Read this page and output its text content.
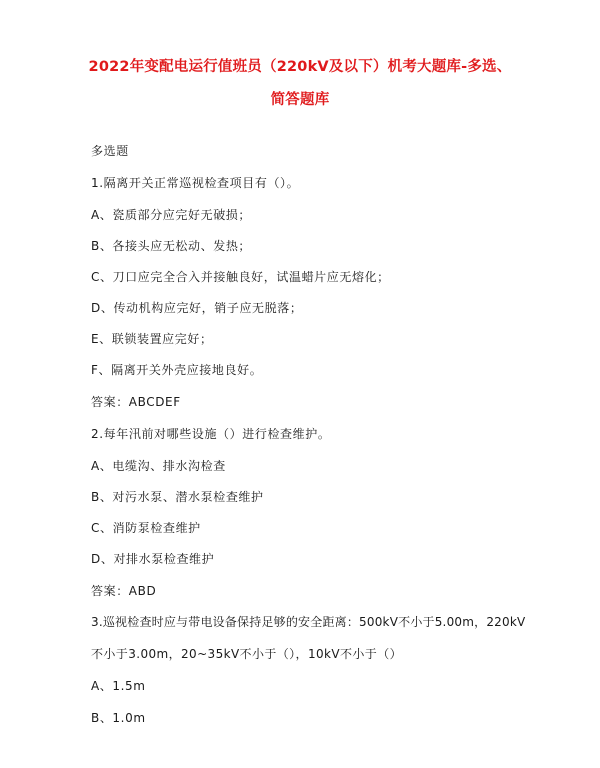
2022年变配电运行值班员（220kV及以下）机考大题库-多选、
简答题库
多选题
1.隔离开关正常巡视检查项目有（）。
A、瓷质部分应完好无破损；
B、各接头应无松动、发热；
C、刀口应完全合入并接触良好，试温蜡片应无熔化；
D、传动机构应完好，销子应无脱落；
E、联锁装置应完好；
F、隔离开关外壳应接地良好。
答案：ABCDEF
2.每年汛前对哪些设施（）进行检查维护。
A、电缆沟、排水沟检查
B、对污水泵、潜水泵检查维护
C、消防泵检查维护
D、对排水泵检查维护
答案：ABD
3.巡视检查时应与带电设备保持足够的安全距离：500kV不小于5.00m，220kV
不小于3.00m，20~35kV不小于（），10kV不小于（）
A、1.5m
B、1.0m
